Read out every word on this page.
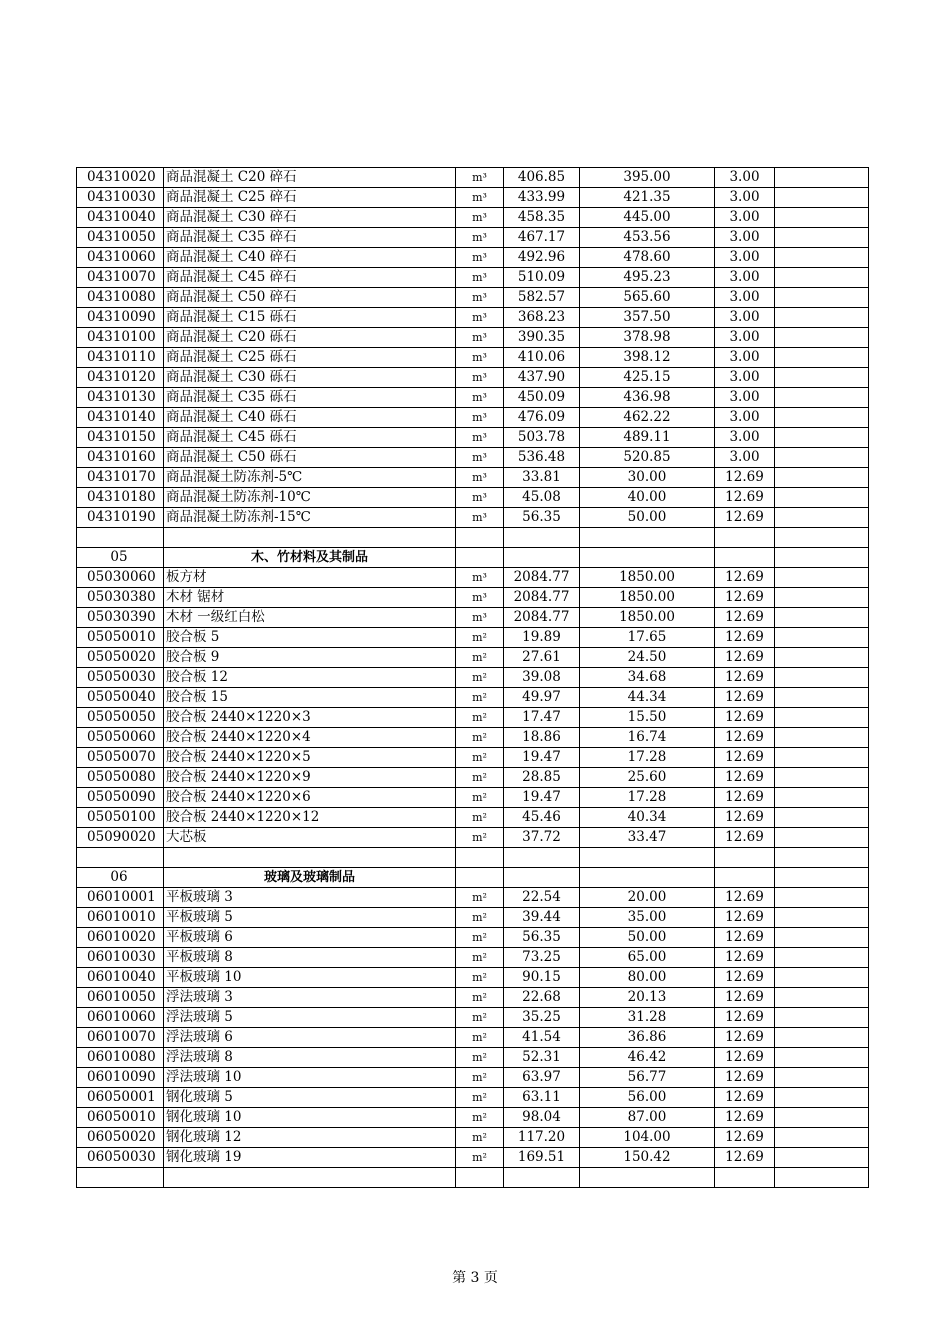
04310020	商品混凝土 C20 碎石	m³	406.85	395.00	3.00	
04310030	商品混凝土 C25 碎石	m³	433.99	421.35	3.00	
04310040	商品混凝土 C30 碎石	m³	458.35	445.00	3.00	
04310050	商品混凝土 C35 碎石	m³	467.17	453.56	3.00	
04310060	商品混凝土 C40 碎石	m³	492.96	478.60	3.00	
04310070	商品混凝土 C45 碎石	m³	510.09	495.23	3.00	
04310080	商品混凝土 C50 碎石	m³	582.57	565.60	3.00	
04310090	商品混凝土 C15 砾石	m³	368.23	357.50	3.00	
04310100	商品混凝土 C20 砾石	m³	390.35	378.98	3.00	
04310110	商品混凝土 C25 砾石	m³	410.06	398.12	3.00	
04310120	商品混凝土 C30 砾石	m³	437.90	425.15	3.00	
04310130	商品混凝土 C35 砾石	m³	450.09	436.98	3.00	
04310140	商品混凝土 C40 砾石	m³	476.09	462.22	3.00	
04310150	商品混凝土 C45 砾石	m³	503.78	489.11	3.00	
04310160	商品混凝土 C50 砾石	m³	536.48	520.85	3.00	
04310170	商品混凝土防冻剂-5℃	m³	33.81	30.00	12.69	
04310180	商品混凝土防冻剂-10℃	m³	45.08	40.00	12.69	
04310190	商品混凝土防冻剂-15℃	m³	56.35	50.00	12.69	

05	木、竹材料及其制品					
05030060	板方材	m³	2084.77	1850.00	12.69	
05030380	木材 锯材	m³	2084.77	1850.00	12.69	
05030390	木材 一级红白松	m³	2084.77	1850.00	12.69	
05050010	胶合板 5	m²	19.89	17.65	12.69	
05050020	胶合板 9	m²	27.61	24.50	12.69	
05050030	胶合板 12	m²	39.08	34.68	12.69	
05050040	胶合板 15	m²	49.97	44.34	12.69	
05050050	胶合板 2440×1220×3	m²	17.47	15.50	12.69	
05050060	胶合板 2440×1220×4	m²	18.86	16.74	12.69	
05050070	胶合板 2440×1220×5	m²	19.47	17.28	12.69	
05050080	胶合板 2440×1220×9	m²	28.85	25.60	12.69	
05050090	胶合板 2440×1220×6	m²	19.47	17.28	12.69	
05050100	胶合板 2440×1220×12	m²	45.46	40.34	12.69	
05090020	大芯板	m²	37.72	33.47	12.69	

06	玻璃及玻璃制品					
06010001	平板玻璃 3	m²	22.54	20.00	12.69	
06010010	平板玻璃 5	m²	39.44	35.00	12.69	
06010020	平板玻璃 6	m²	56.35	50.00	12.69	
06010030	平板玻璃 8	m²	73.25	65.00	12.69	
06010040	平板玻璃 10	m²	90.15	80.00	12.69	
06010050	浮法玻璃 3	m²	22.68	20.13	12.69	
06010060	浮法玻璃 5	m²	35.25	31.28	12.69	
06010070	浮法玻璃 6	m²	41.54	36.86	12.69	
06010080	浮法玻璃 8	m²	52.31	46.42	12.69	
06010090	浮法玻璃 10	m²	63.97	56.77	12.69	
06050001	钢化玻璃 5	m²	63.11	56.00	12.69	
06050010	钢化玻璃 10	m²	98.04	87.00	12.69	
06050020	钢化玻璃 12	m²	117.20	104.00	12.69	
06050030	钢化玻璃 19	m²	169.51	150.42	12.69	

第 3 页
